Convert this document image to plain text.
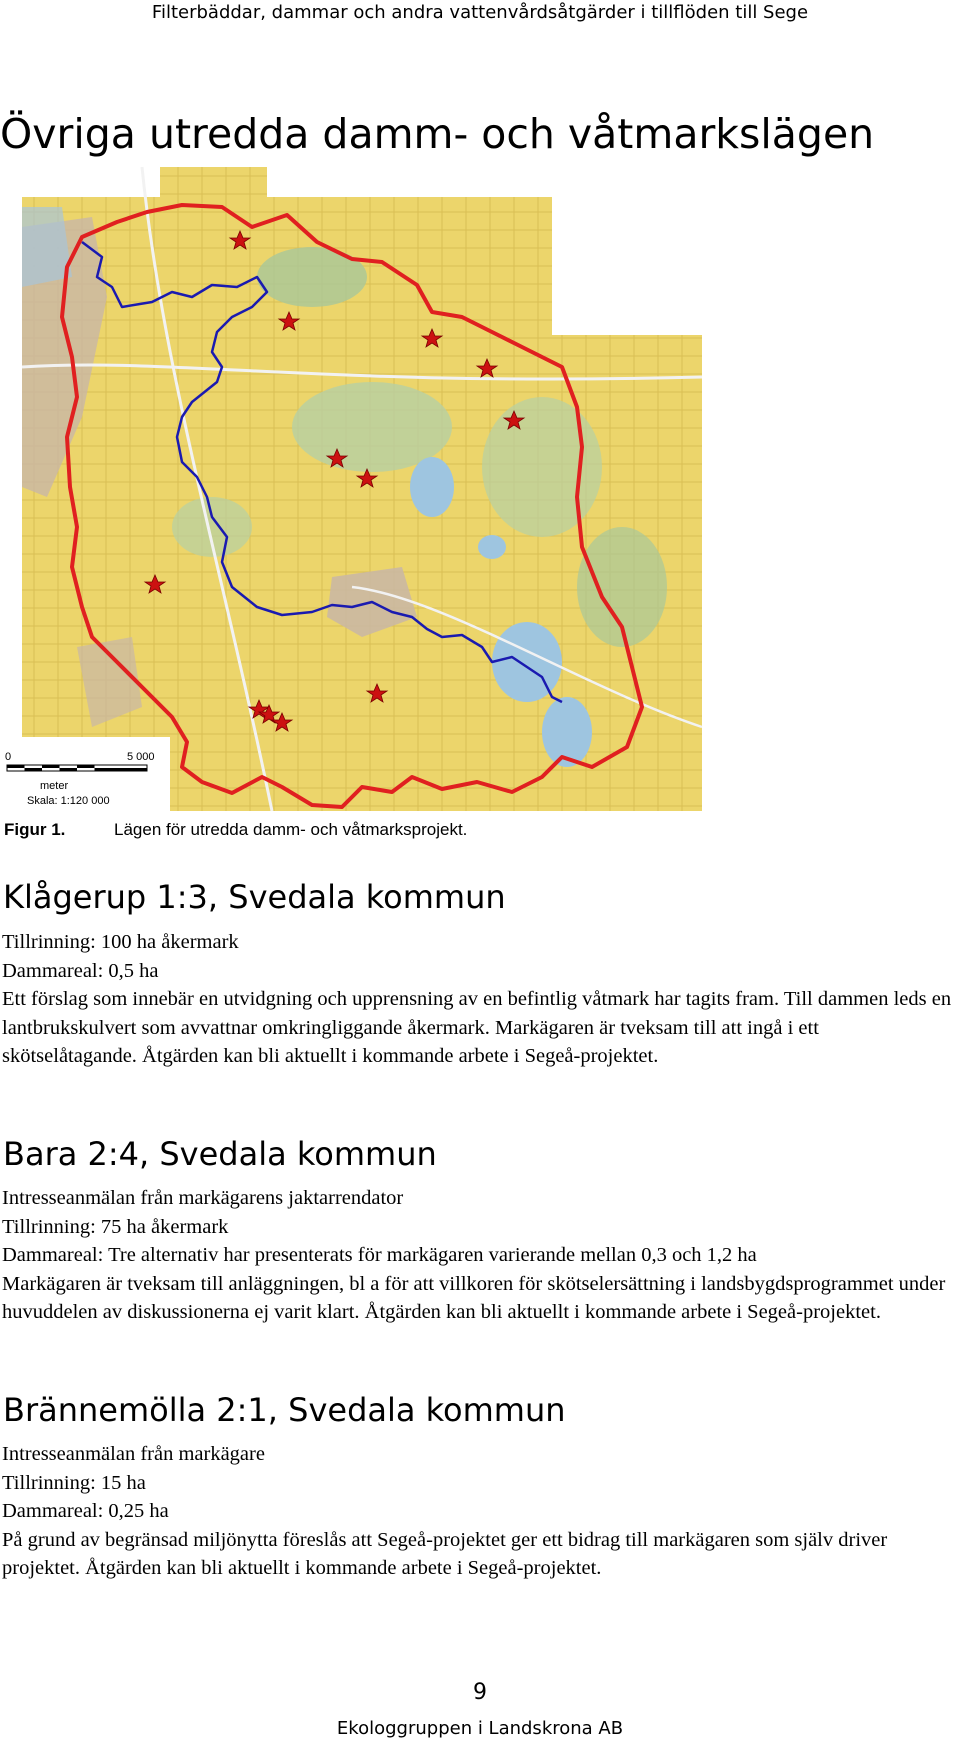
Filterbäddar, dammar och andra vattenvårdsåtgärder i tillflöden till Sege
Övriga utredda damm- och våtmarkslägen
0	5 000
meter
Skala: 1:120 000
Figur 1.	Lägen för utredda damm- och våtmarksprojekt.
Klågerup 1:3, Svedala kommun

Tillrinning: 100 ha åkermark

Dammareal: 0,5 ha

Ett förslag som innebär en utvidgning och upprensning av en befintlig våtmark har tagits fram. Till dammen leds en lantbrukskulvert som avvattnar omkringliggande åkermark. Markägaren är tveksam till att ingå i ett skötselåtagande. Åtgärden kan bli aktuellt i kommande arbete i Segeå-projektet.

Bara 2:4, Svedala kommun

Intresseanmälan från markägarens jaktarrendator

Tillrinning: 75 ha åkermark

Dammareal: Tre alternativ har presenterats för markägaren varierande mellan 0,3 och 1,2 ha

Markägaren är tveksam till anläggningen, bl a för att villkoren för skötselersättning i landsbygdsprogrammet under huvuddelen av diskussionerna ej varit klart. Åtgärden kan bli aktuellt i kommande arbete i Segeå-projektet.

Brännemölla 2:1, Svedala kommun

Intresseanmälan från markägare

Tillrinning: 15 ha

Dammareal: 0,25 ha

På grund av begränsad miljönytta föreslås att Segeå-projektet ger ett bidrag till markägaren som själv driver projektet. Åtgärden kan bli aktuellt i kommande arbete i Segeå-projektet.

9
Ekologgruppen i Landskrona AB
